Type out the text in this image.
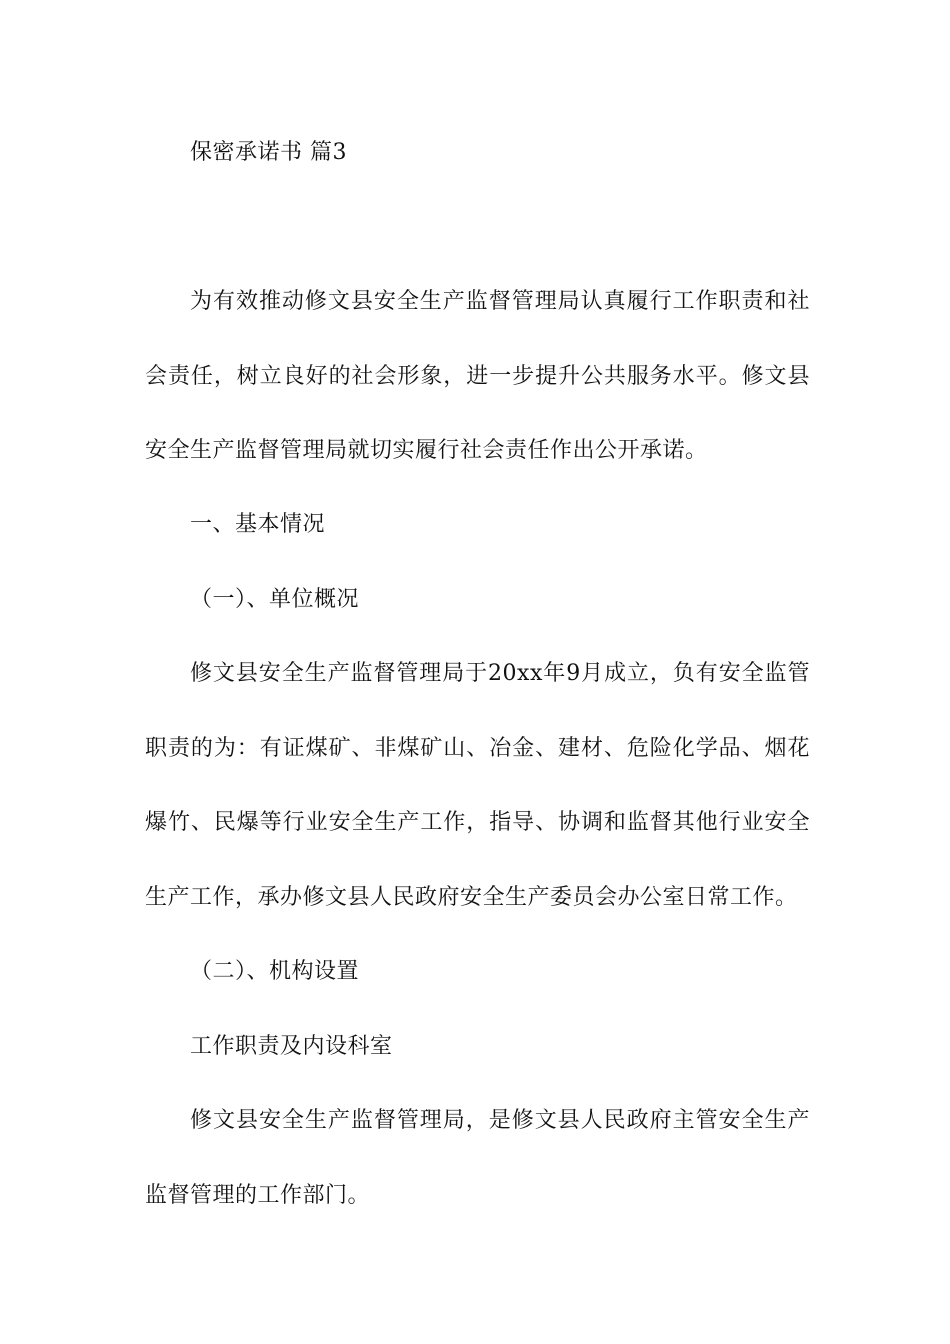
保密承诺书 篇3
为有效推动修文县安全生产监督管理局认真履行工作职责和社
会责任，树立良好的社会形象，进一步提升公共服务水平。修文县
安全生产监督管理局就切实履行社会责任作出公开承诺。
一、基本情况
（一）、单位概况
修文县安全生产监督管理局于20xx年9月成立，负有安全监管
职责的为：有证煤矿、非煤矿山、冶金、建材、危险化学品、烟花
爆竹、民爆等行业安全生产工作，指导、协调和监督其他行业安全
生产工作，承办修文县人民政府安全生产委员会办公室日常工作。
（二）、机构设置
工作职责及内设科室
修文县安全生产监督管理局，是修文县人民政府主管安全生产
监督管理的工作部门。
